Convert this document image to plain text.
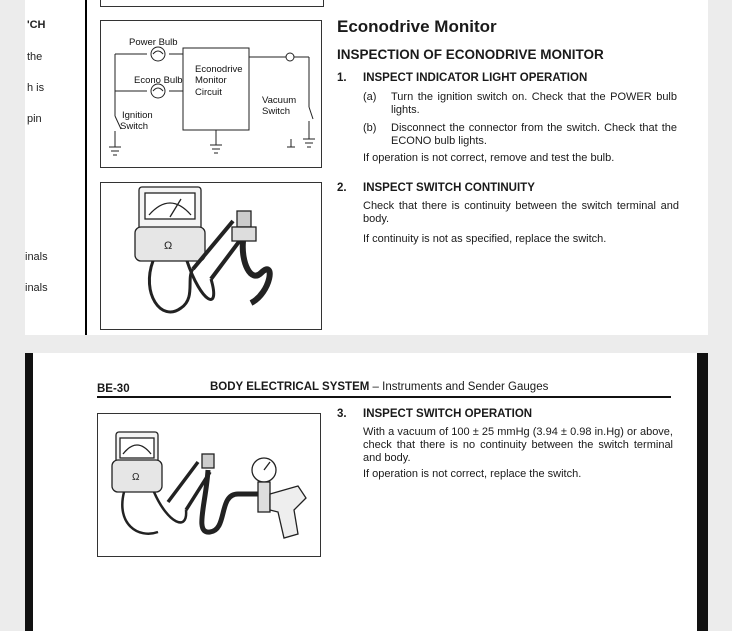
'CH
the
h is
pin
inals
inals
Power Bulb
Econo Bulb
Econodrive
Monitor
Circuit
Vacuum
Switch
Ignition
Switch
Ω
Econodrive Monitor
INSPECTION OF ECONODRIVE MONITOR
1. INSPECT INDICATOR LIGHT OPERATION
(a) Turn the ignition switch on. Check that the POWER bulb lights.
(b) Disconnect the connector from the switch. Check that the ECONO bulb lights.
If operation is not correct, remove and test the bulb.
2. INSPECT SWITCH CONTINUITY
Check that there is continuity between the switch terminal and body.
If continuity is not as specified, replace the switch.
BE-30	BODY ELECTRICAL SYSTEM – Instruments and Sender Gauges
Ω
3. INSPECT SWITCH OPERATION
With a vacuum of 100 ± 25 mmHg (3.94 ± 0.98 in.Hg) or above, check that there is no continuity between the switch terminal and body.
If operation is not correct, replace the switch.
